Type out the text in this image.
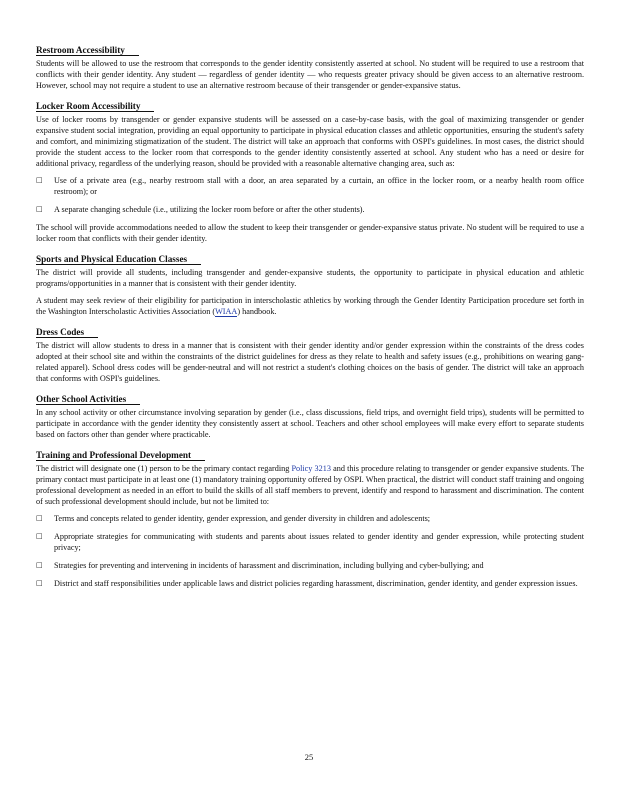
Restroom Accessibility

Students will be allowed to use the restroom that corresponds to the gender identity consistently asserted at school. No student will be required to use a restroom that conflicts with their gender identity. Any student — regardless of gender identity — who requests greater privacy should be given access to an alternative restroom. However, school may not require a student to use an alternative restroom because of their transgender or gender-expansive status.

Locker Room Accessibility

Use of locker rooms by transgender or gender expansive students will be assessed on a case-by-case basis, with the goal of maximizing transgender or gender expansive student social integration, providing an equal opportunity to participate in physical education classes and athletic opportunities, ensuring the student's safety and comfort, and minimizing stigmatization of the student. The district will take an approach that conforms with OSPI's guidelines. In most cases, the district should provide the student access to the locker room that corresponds to the gender identity consistently asserted at school. Any student who has a need or desire for additional privacy, regardless of the underlying reason, should be provided with a reasonable alternative changing area, such as:

□ Use of a private area (e.g., nearby restroom stall with a door, an area separated by a curtain, an office in the locker room, or a nearby health room office restroom); or
□ A separate changing schedule (i.e., utilizing the locker room before or after the other students).

The school will provide accommodations needed to allow the student to keep their transgender or gender-expansive status private. No student will be required to use a locker room that conflicts with their gender identity.

Sports and Physical Education Classes

The district will provide all students, including transgender and gender-expansive students, the opportunity to participate in physical education and athletic programs/opportunities in a manner that is consistent with their gender identity.

A student may seek review of their eligibility for participation in interscholastic athletics by working through the Gender Identity Participation procedure set forth in the Washington Interscholastic Activities Association (WIAA) handbook.

Dress Codes

The district will allow students to dress in a manner that is consistent with their gender identity and/or gender expression within the constraints of the dress codes adopted at their school site and within the constraints of the district guidelines for dress as they relate to health and safety issues (e.g., prohibitions on wearing gang-related apparel). School dress codes will be gender-neutral and will not restrict a student's clothing choices on the basis of gender. The district will take an approach that conforms with OSPI's guidelines.

Other School Activities

In any school activity or other circumstance involving separation by gender (i.e., class discussions, field trips, and overnight field trips), students will be permitted to participate in accordance with the gender identity they consistently assert at school. Teachers and other school employees will make every effort to separate students based on factors other than gender where practicable.

Training and Professional Development

The district will designate one (1) person to be the primary contact regarding Policy 3213 and this procedure relating to transgender or gender expansive students. The primary contact must participate in at least one (1) mandatory training opportunity offered by OSPI. When practical, the district will conduct staff training and ongoing professional development as needed in an effort to build the skills of all staff members to prevent, identify and respond to harassment and discrimination. The content of such professional development should include, but not be limited to:

□ Terms and concepts related to gender identity, gender expression, and gender diversity in children and adolescents;
□ Appropriate strategies for communicating with students and parents about issues related to gender identity and gender expression, while protecting student privacy;
□ Strategies for preventing and intervening in incidents of harassment and discrimination, including bullying and cyber-bullying; and
□ District and staff responsibilities under applicable laws and district policies regarding harassment, discrimination, gender identity, and gender expression issues.
25
